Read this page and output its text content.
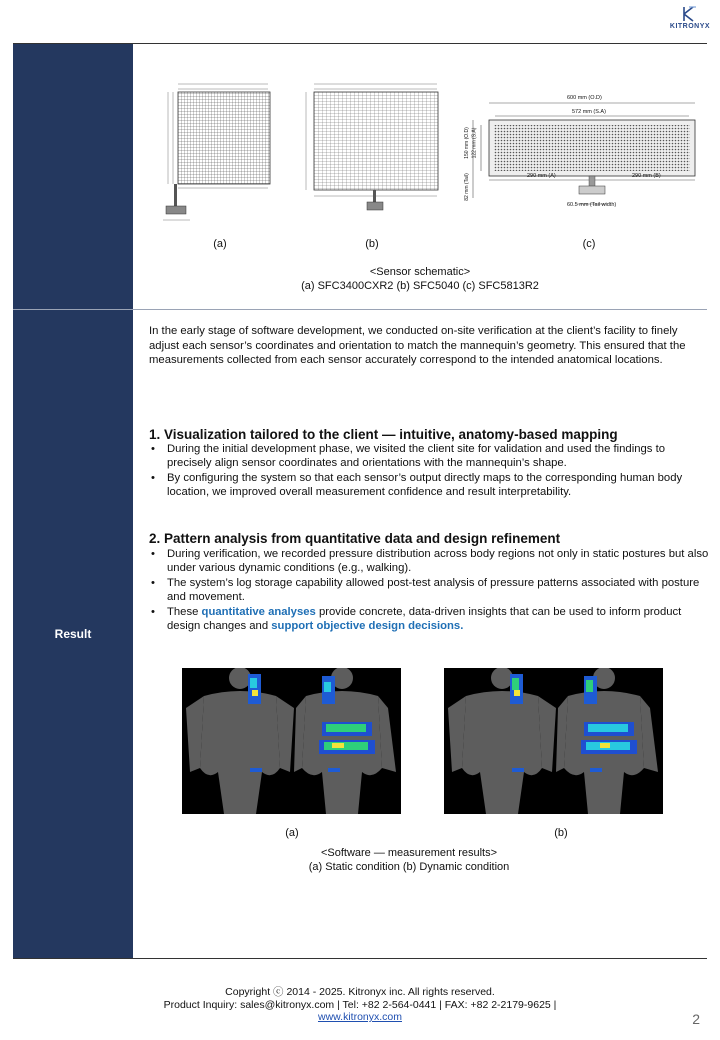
KITRONYX
600 mm (O.D)
572 mm (S.A)
290 mm (A)	290 mm (B)
60.5 mm (Tail width)
150 mm (O.D) 122 mm (S.A)
82 mm (Tail)
(a)	(b)	(c)
<Sensor schematic>
(a) SFC3400CXR2 (b) SFC5040 (c) SFC5813R2
Result
In the early stage of software development, we conducted on-site verification at the client’s facility to finely adjust each sensor’s coordinates and orientation to match the mannequin’s geometry. This ensured that the measurements collected from each sensor accurately correspond to the intended anatomical locations.
1. Visualization tailored to the client — intuitive, anatomy-based mapping
• During the initial development phase, we visited the client site for validation and used the findings to precisely align sensor coordinates and orientations with the mannequin’s shape.
• By configuring the system so that each sensor’s output directly maps to the corresponding human body location, we improved overall measurement confidence and result interpretability.
2. Pattern analysis from quantitative data and design refinement
• During verification, we recorded pressure distribution across body regions not only in static postures but also under various dynamic conditions (e.g., walking).
• The system’s log storage capability allowed post-test analysis of pressure patterns associated with posture and movement.
• These quantitative analyses provide concrete, data-driven insights that can be used to inform product design changes and support objective design decisions.
(a)	(b)
<Software — measurement results>
(a) Static condition (b) Dynamic condition
Copyright ⓒ 2014 - 2025. Kitronyx inc. All rights reserved.
Product Inquiry: sales@kitronyx.com | Tel: +82 2-564-0441 | FAX: +82 2-2179-9625 |
www.kitronyx.com	2
